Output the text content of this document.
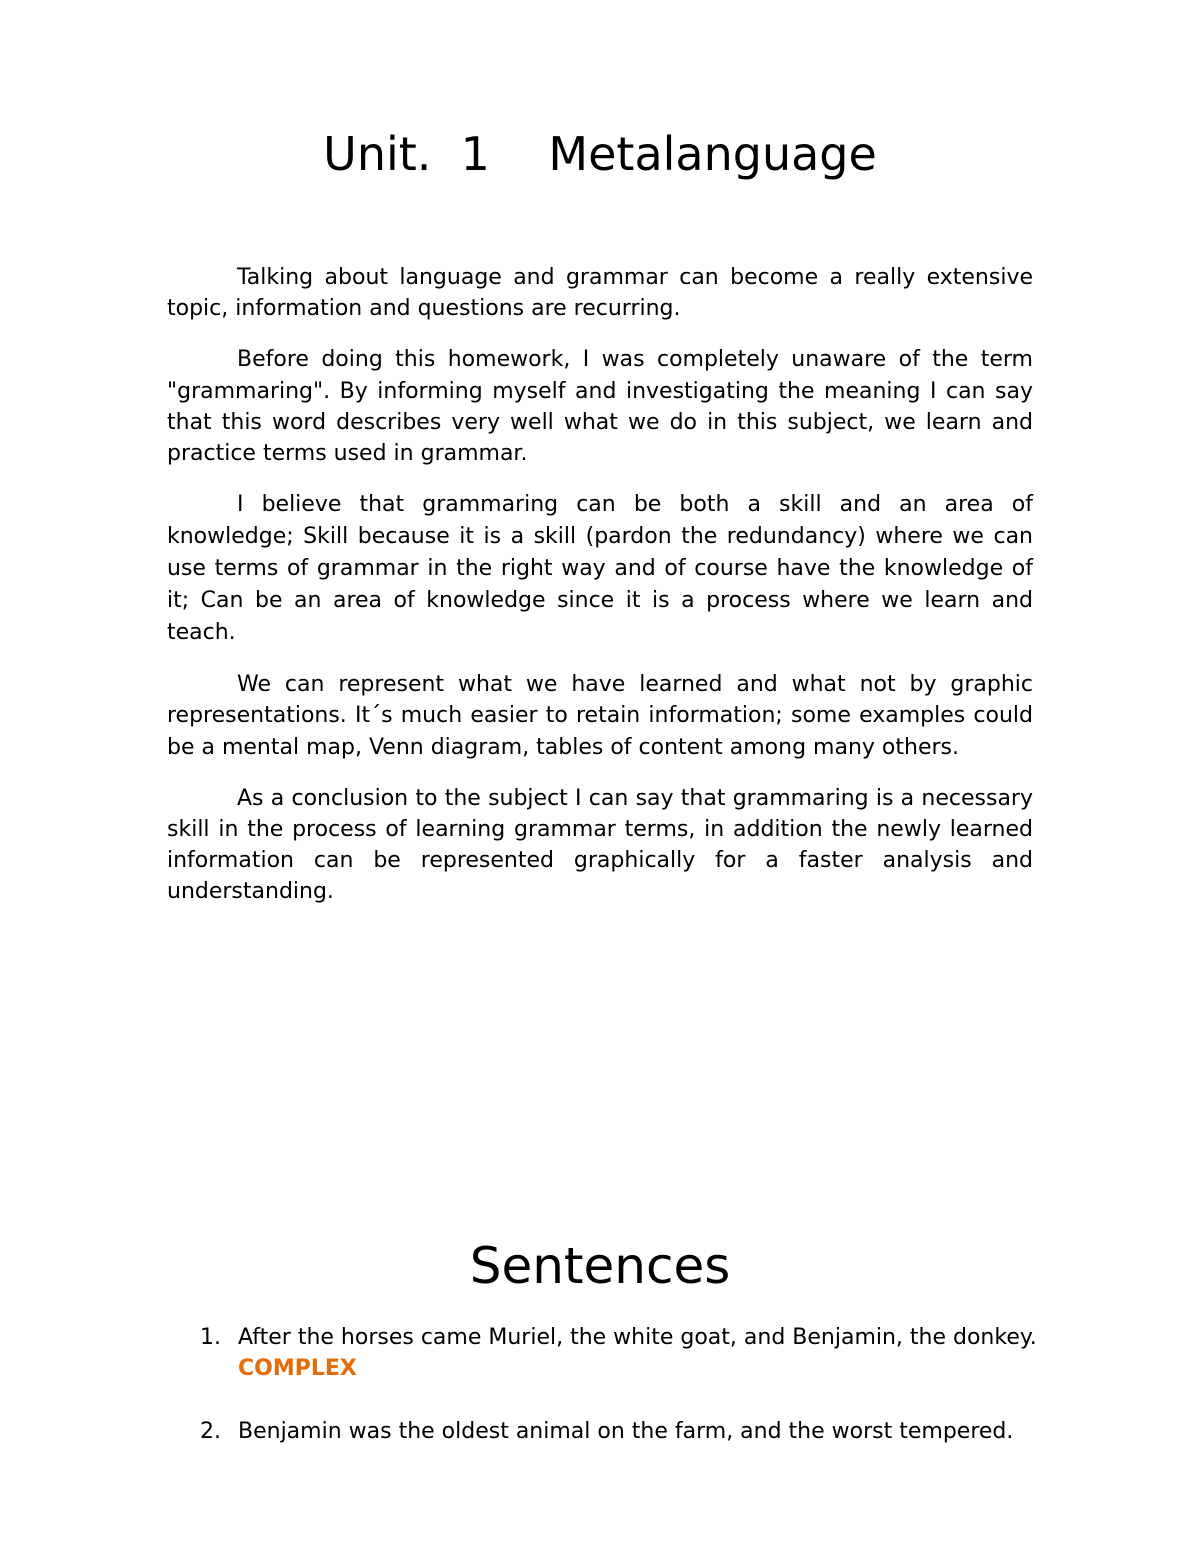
Unit.  1    Metalanguage

Talking about language and grammar can become a really extensive topic, information and questions are recurring.

Before doing this homework, I was completely unaware of the term "grammaring". By informing myself and investigating the meaning I can say that this word describes very well what we do in this subject, we learn and practice terms used in grammar.

I believe that grammaring can be both a skill and an area of knowledge; Skill because it is a skill (pardon the redundancy) where we can use terms of grammar in the right way and of course have the knowledge of it; Can be an area of knowledge since it is a process where we learn and teach.

We can represent what we have learned and what not by graphic representations. It´s much easier to retain information; some examples could be a mental map, Venn diagram, tables of content among many others.

As a conclusion to the subject I can say that grammaring is a necessary skill in the process of learning grammar terms, in addition the newly learned information can be represented graphically for a faster analysis and understanding.

Sentences
1. After the horses came Muriel, the white goat, and Benjamin, the donkey.
COMPLEX
2. Benjamin was the oldest animal on the farm, and the worst tempered.
